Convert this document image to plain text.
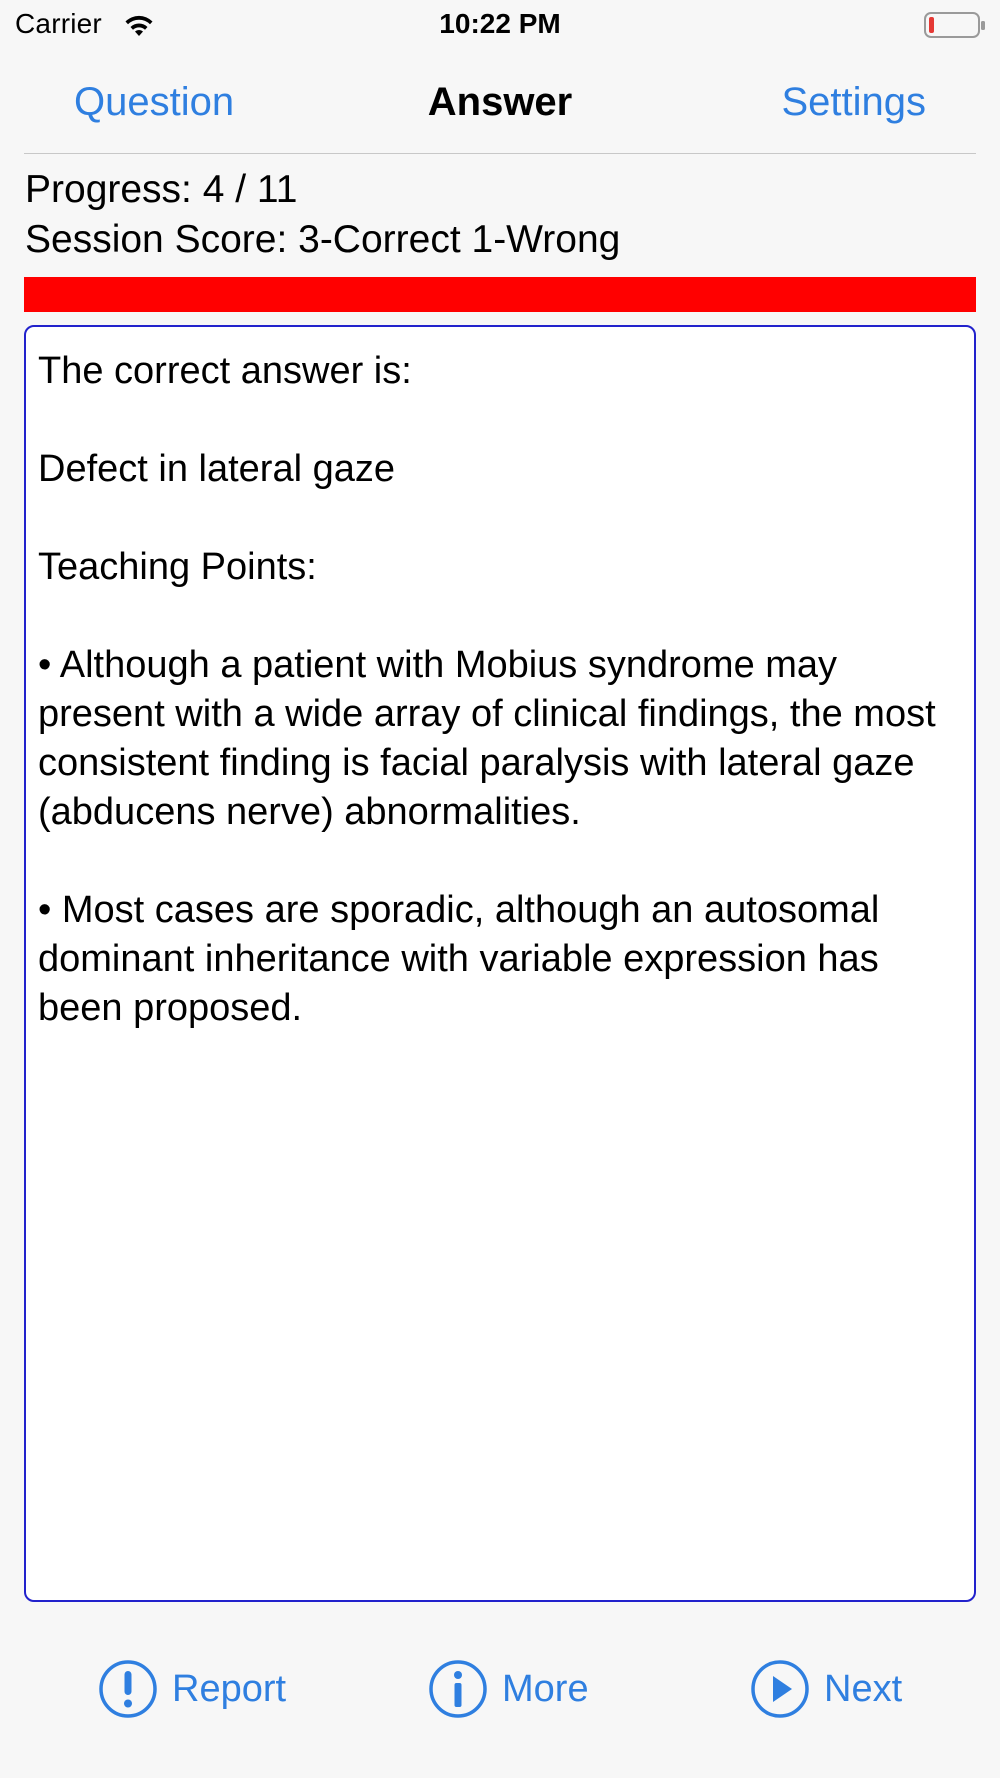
Carrier	10:22 PM
Question	Answer	Settings
Progress: 4 / 11
Session Score: 3-Correct 1-Wrong

The correct answer is:

Defect in lateral gaze

Teaching Points:

• Although a patient with Mobius syndrome may present with a wide array of clinical findings, the most consistent finding is facial paralysis with lateral gaze (abducens nerve) abnormalities.

• Most cases are sporadic, although an autosomal dominant inheritance with variable expression has been proposed.

Report	More	Next
